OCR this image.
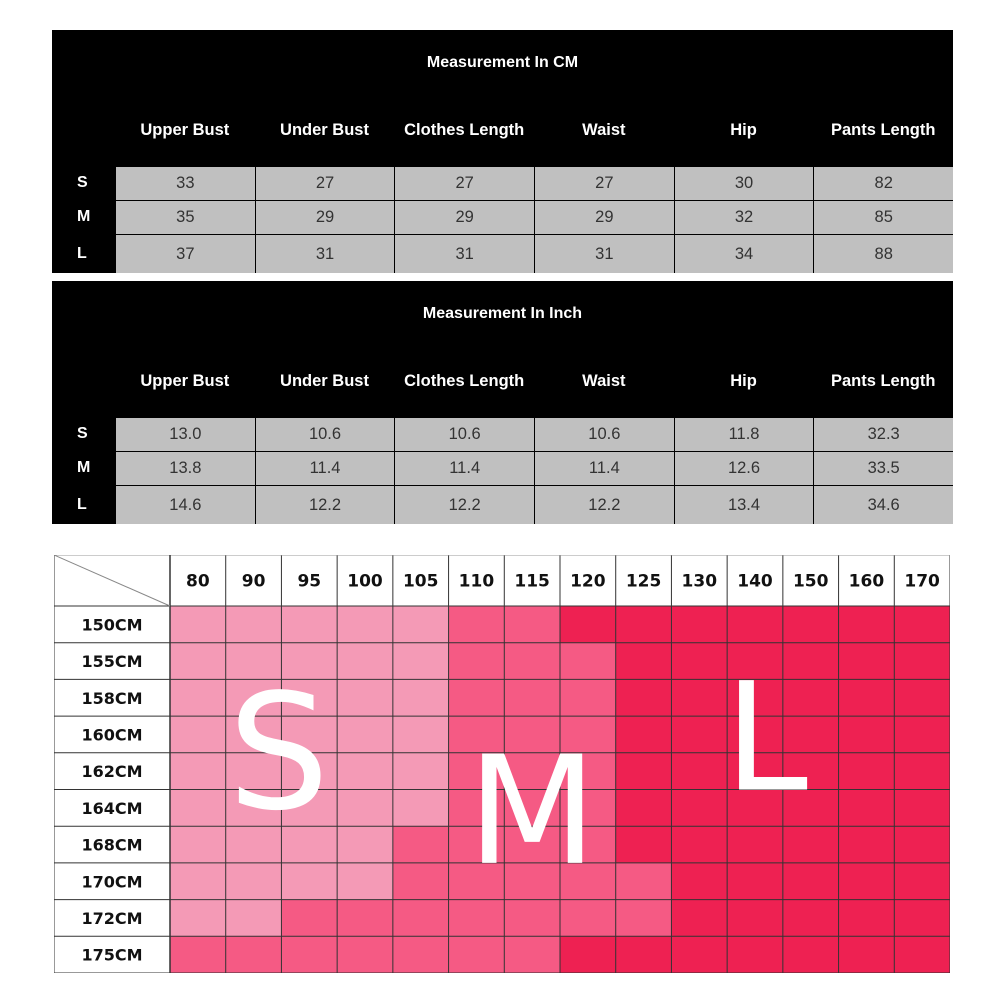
Measurement In CM
Upper Bust	Under Bust	Clothes Length	Waist	Hip	Pants Length
S	33	27	27	27	30	82
M	35	29	29	29	32	85
L	37	31	31	31	34	88
Measurement In Inch
Upper Bust	Under Bust	Clothes Length	Waist	Hip	Pants Length
S	13.0	10.6	10.6	10.6	11.8	32.3
M	13.8	11.4	11.4	11.4	12.6	33.5
L	14.6	12.2	12.2	12.2	13.4	34.6
80 90 95 100 105 110 115 120 125 130 140 150 160 170
150CM
155CM
158CM
160CM
162CM
164CM
168CM
170CM
172CM
175CM
S M L
